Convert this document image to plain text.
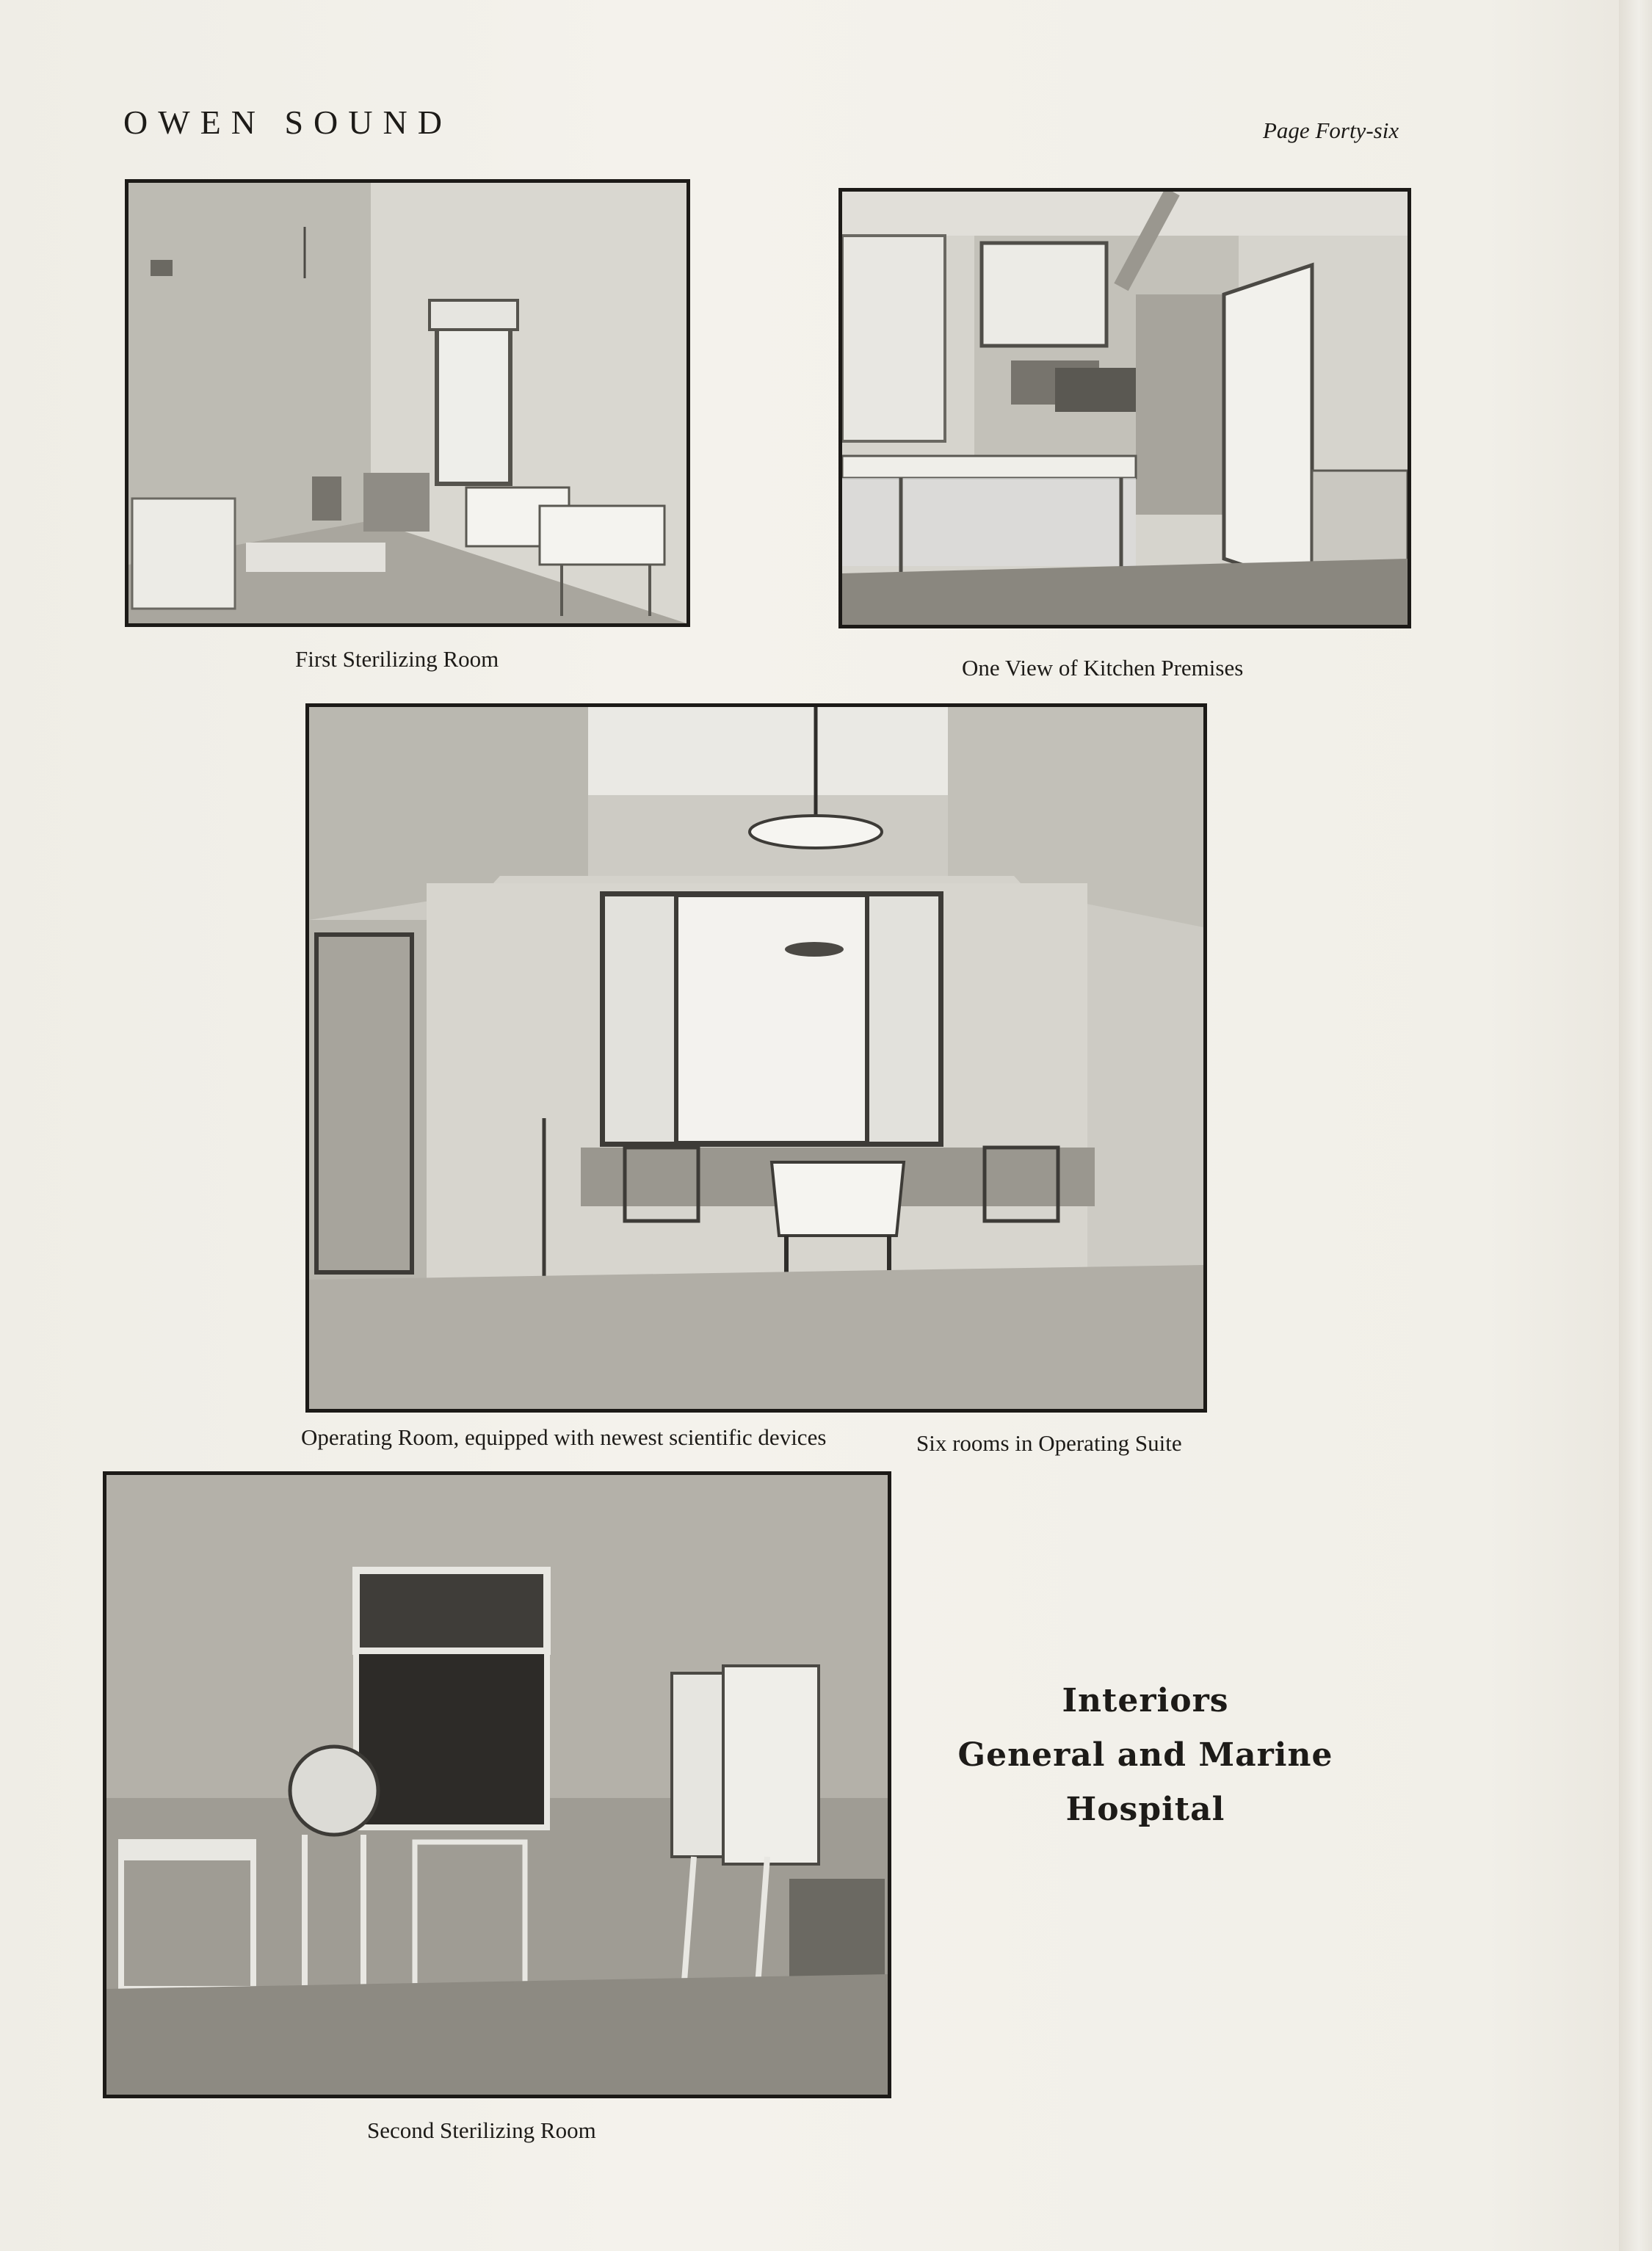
OWEN SOUND	Page Forty-six
First Sterilizing Room	One View of Kitchen Premises
Operating Room, equipped with newest scientific devices	Six rooms in Operating Suite
Second Sterilizing Room
Interiors
General and Marine
Hospital
